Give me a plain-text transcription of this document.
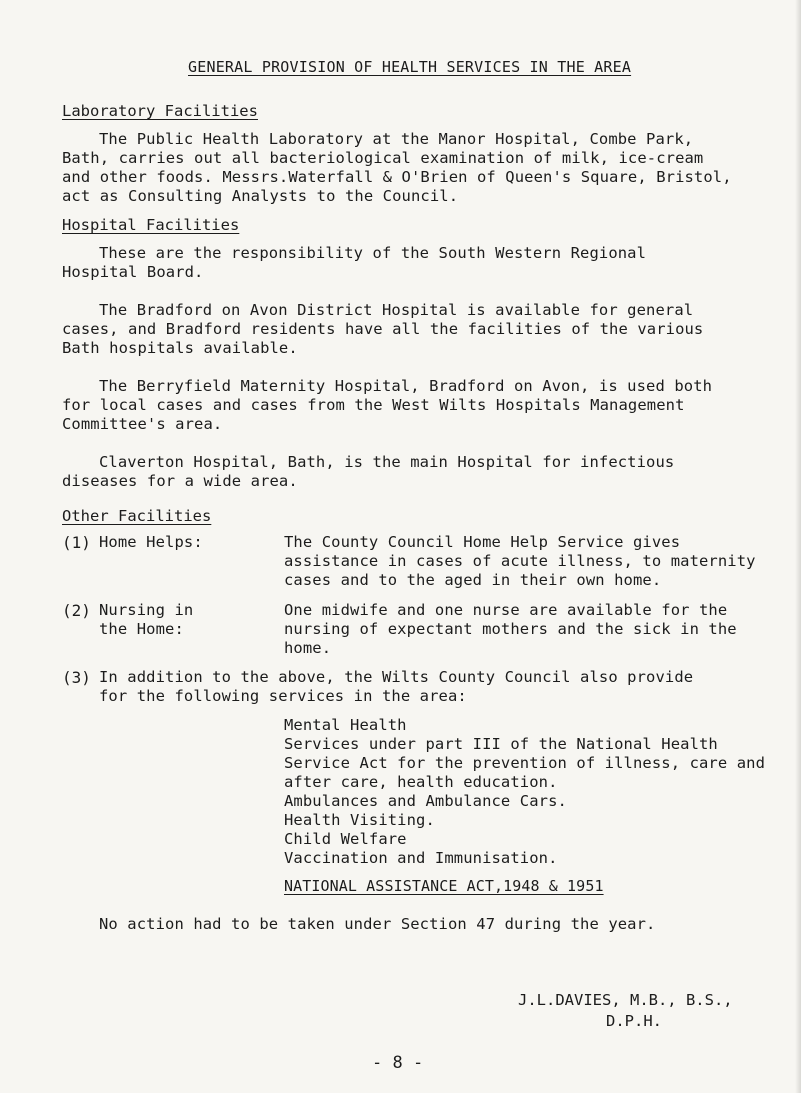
GENERAL PROVISION OF HEALTH SERVICES IN THE AREA
Laboratory Facilities
The Public Health Laboratory at the Manor Hospital, Combe Park,
Bath, carries out all bacteriological examination of milk, ice-cream
and other foods. Messrs.Waterfall & O'Brien of Queen's Square, Bristol,
act as Consulting Analysts to the Council.
Hospital Facilities
These are the responsibility of the South Western Regional
Hospital Board.
The Bradford on Avon District Hospital is available for general
cases, and Bradford residents have all the facilities of the various
Bath hospitals available.
The Berryfield Maternity Hospital, Bradford on Avon, is used both
for local cases and cases from the West Wilts Hospitals Management
Committee's area.
Claverton Hospital, Bath, is the main Hospital for infectious
diseases for a wide area.
Other Facilities
(1) Home Helps:	The County Council Home Help Service gives
assistance in cases of acute illness, to maternity
cases and to the aged in their own home.
(2) Nursing in
the Home:
One midwife and one nurse are available for the
nursing of expectant mothers and the sick in the
home.
(3) In addition to the above, the Wilts County Council also provide
for the following services in the area:
Mental Health
Services under part III of the National Health
Service Act for the prevention of illness, care and
after care, health education.
Ambulances and Ambulance Cars.
Health Visiting.
Child Welfare
Vaccination and Immunisation.
NATIONAL ASSISTANCE ACT,1948 & 1951
No action had to be taken under Section 47 during the year.
J.L.DAVIES, M.B., B.S.,
D.P.H.
- 8 -
